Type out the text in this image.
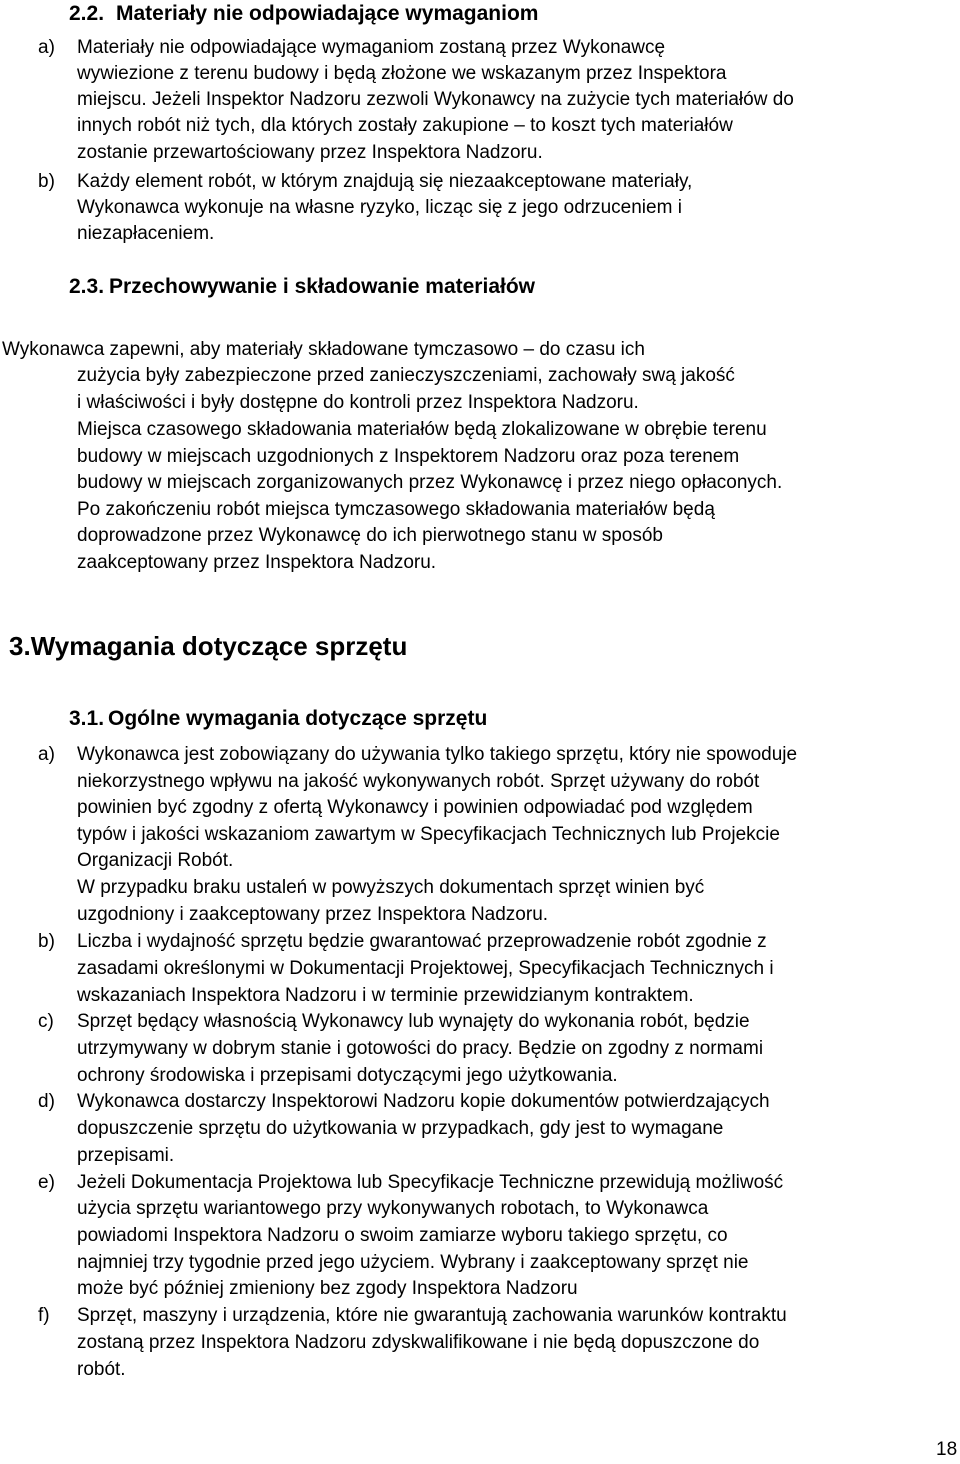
2.2. Materiały nie odpowiadające wymaganiom
a) Materiały nie odpowiadające wymaganiom zostaną przez Wykonawcę
wywiezione z terenu budowy i będą złożone we wskazanym przez Inspektora
miejscu. Jeżeli Inspektor Nadzoru zezwoli Wykonawcy na zużycie tych materiałów do
innych robót niż tych, dla których zostały zakupione – to koszt tych materiałów
zostanie przewartościowany przez Inspektora Nadzoru.
b) Każdy element robót, w którym znajdują się niezaakceptowane materiały,
Wykonawca wykonuje na własne ryzyko, licząc się z jego odrzuceniem i
niezapłaceniem.
2.3. Przechowywanie i składowanie materiałów
Wykonawca zapewni, aby materiały składowane tymczasowo – do czasu ich
zużycia były zabezpieczone przed zanieczyszczeniami, zachowały swą jakość
i właściwości i były dostępne do kontroli przez Inspektora Nadzoru.
Miejsca czasowego składowania materiałów będą zlokalizowane w obrębie terenu
budowy w miejscach uzgodnionych z Inspektorem Nadzoru oraz poza terenem
budowy w miejscach zorganizowanych przez Wykonawcę i przez niego opłaconych.
Po zakończeniu robót miejsca tymczasowego składowania materiałów będą
doprowadzone przez Wykonawcę do ich pierwotnego stanu w sposób
zaakceptowany przez Inspektora Nadzoru.
3.Wymagania dotyczące sprzętu
3.1. Ogólne wymagania dotyczące sprzętu
a) Wykonawca jest zobowiązany do używania tylko takiego sprzętu, który nie spowoduje
niekorzystnego wpływu na jakość wykonywanych robót. Sprzęt używany do robót
powinien być zgodny z ofertą Wykonawcy i powinien odpowiadać pod względem
typów i jakości wskazaniom zawartym w Specyfikacjach Technicznych lub Projekcie
Organizacji Robót.
W przypadku braku ustaleń w powyższych dokumentach sprzęt winien być
uzgodniony i zaakceptowany przez Inspektora Nadzoru.
b) Liczba i wydajność sprzętu będzie gwarantować przeprowadzenie robót zgodnie z
zasadami określonymi w Dokumentacji Projektowej, Specyfikacjach Technicznych i
wskazaniach Inspektora Nadzoru i w terminie przewidzianym kontraktem.
c) Sprzęt będący własnością Wykonawcy lub wynajęty do wykonania robót, będzie
utrzymywany w dobrym stanie i gotowości do pracy. Będzie on zgodny z normami
ochrony środowiska i przepisami dotyczącymi jego użytkowania.
d) Wykonawca dostarczy Inspektorowi Nadzoru kopie dokumentów potwierdzających
dopuszczenie sprzętu do użytkowania w przypadkach, gdy jest to wymagane
przepisami.
e) Jeżeli Dokumentacja Projektowa lub Specyfikacje Techniczne przewidują możliwość
użycia sprzętu wariantowego przy wykonywanych robotach, to Wykonawca
powiadomi Inspektora Nadzoru o swoim zamiarze wyboru takiego sprzętu, co
najmniej trzy tygodnie przed jego użyciem. Wybrany i zaakceptowany sprzęt nie
może być później zmieniony bez zgody Inspektora Nadzoru
f) Sprzęt, maszyny i urządzenia, które nie gwarantują zachowania warunków kontraktu
zostaną przez Inspektora Nadzoru zdyskwalifikowane i nie będą dopuszczone do
robót.
18
